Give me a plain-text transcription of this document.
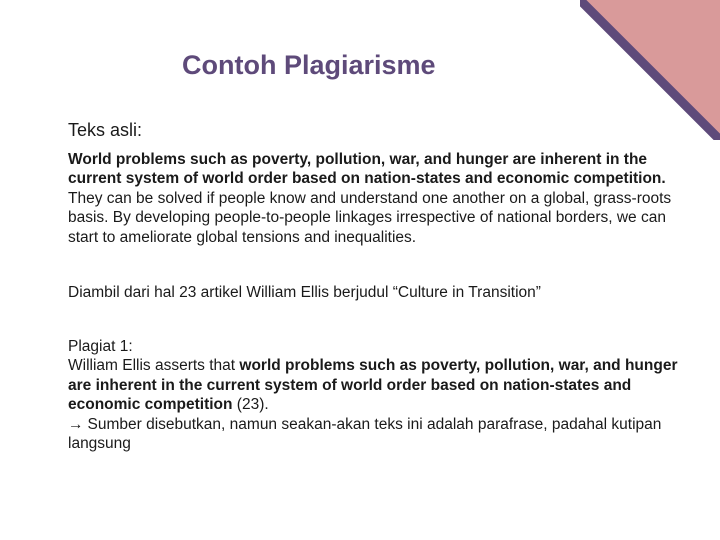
Contoh Plagiarisme
Teks asli:
World problems such as poverty, pollution, war, and hunger are inherent in the current system of world order based on nation-states and economic competition. They can be solved if people know and understand one another on a global, grass-roots basis. By developing people-to-people linkages irrespective of national borders, we can start to ameliorate global tensions and inequalities.
Diambil dari hal 23 artikel William Ellis berjudul “Culture in Transition”
Plagiat 1:
William Ellis asserts that world problems such as poverty, pollution, war, and hunger are inherent in the current system of world order based on nation-states and economic competition (23).
→ Sumber disebutkan, namun seakan-akan teks ini adalah parafrase, padahal kutipan langsung
